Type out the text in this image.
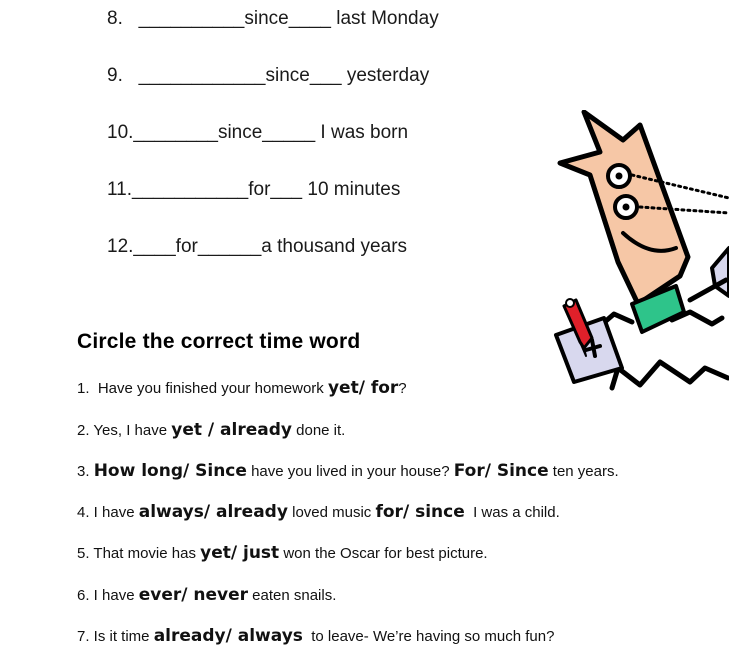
8.   __________since____ last Monday
9.   ____________since___ yesterday
10.________since_____ I was born
11.___________for___ 10 minutes
12.____for______a thousand years
Circle the correct time word
1.  Have you finished your homework yet/ for?
2. Yes, I have yet / already done it.
3. How long/ Since have you lived in your house? For/ Since ten years.
4. I have always/ already loved music for/ since  I was a child.
5. That movie has yet/ just won the Oscar for best picture.
6. I have ever/ never eaten snails.
7. Is it time already/ always  to leave- We’re having so much fun?
